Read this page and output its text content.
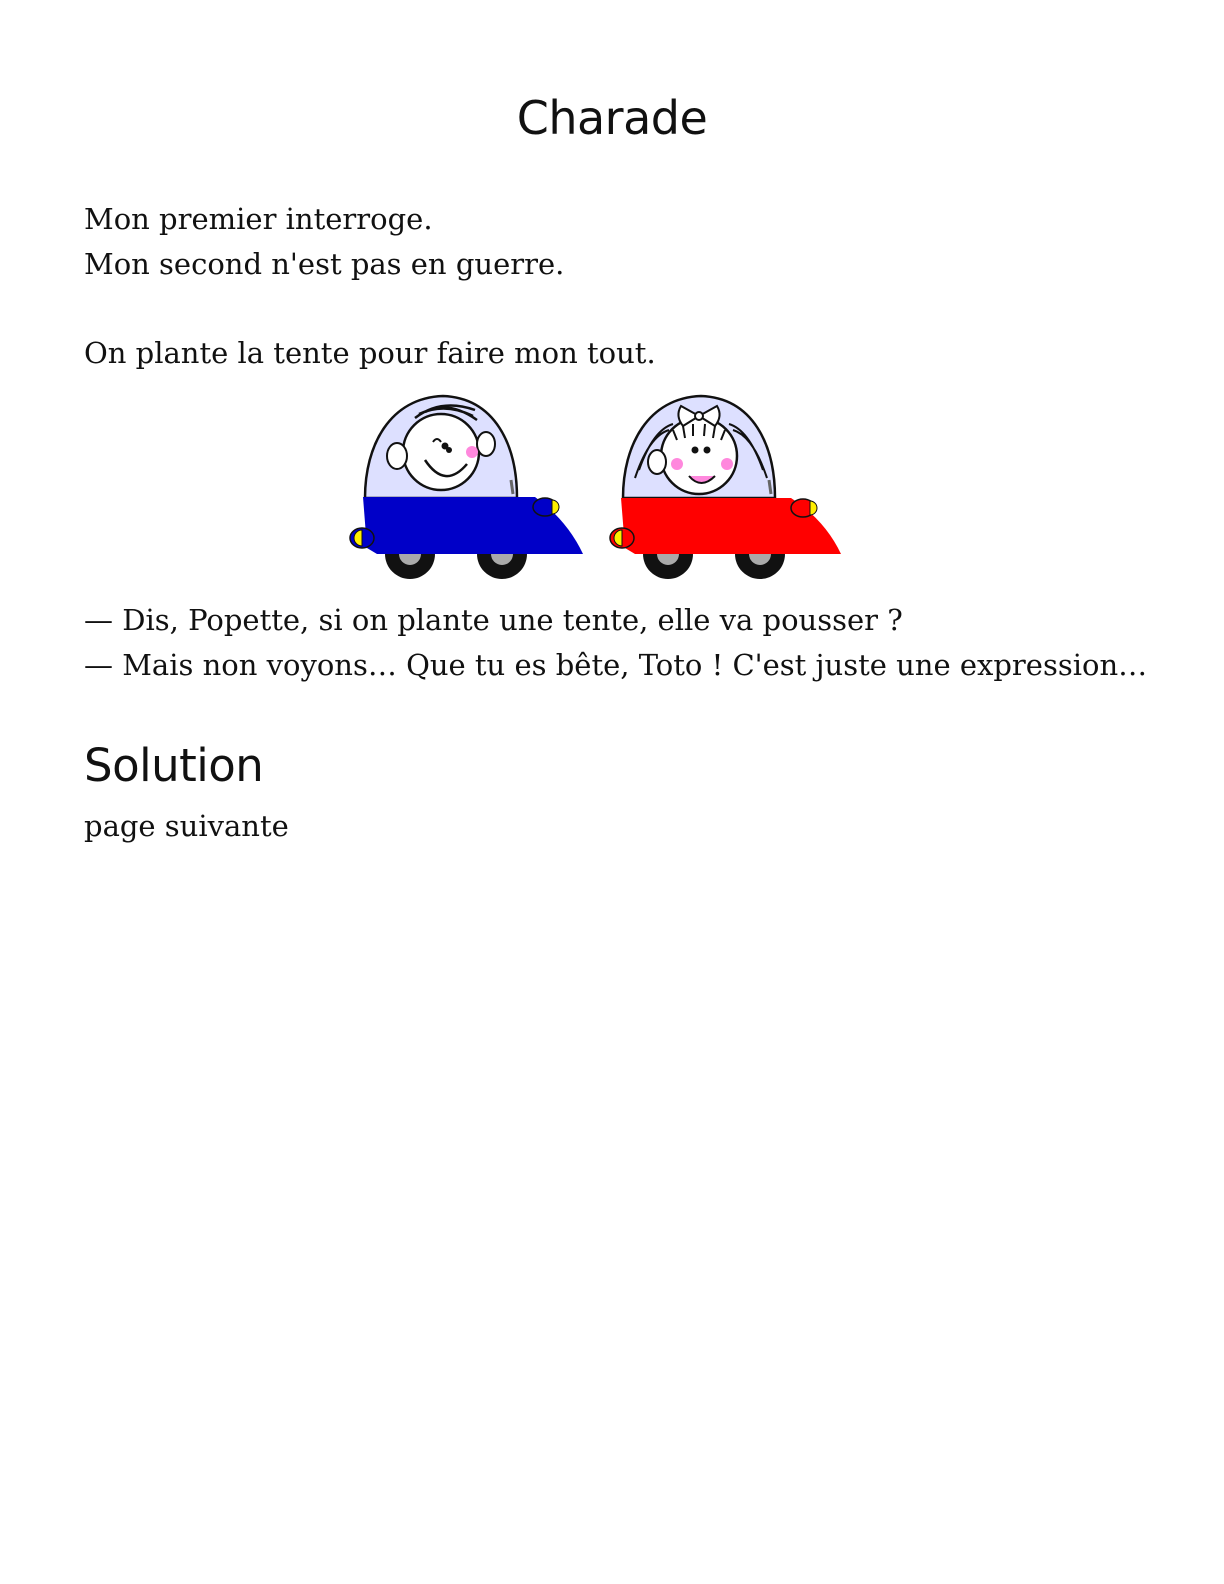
Charade
Mon premier interroge.
Mon second n'est pas en guerre.

On plante la tente pour faire mon tout.

— Dis, Popette, si on plante une tente, elle va pousser ?
— Mais non voyons… Que tu es bête, Toto ! C'est juste une expression…
Solution

page suivante
